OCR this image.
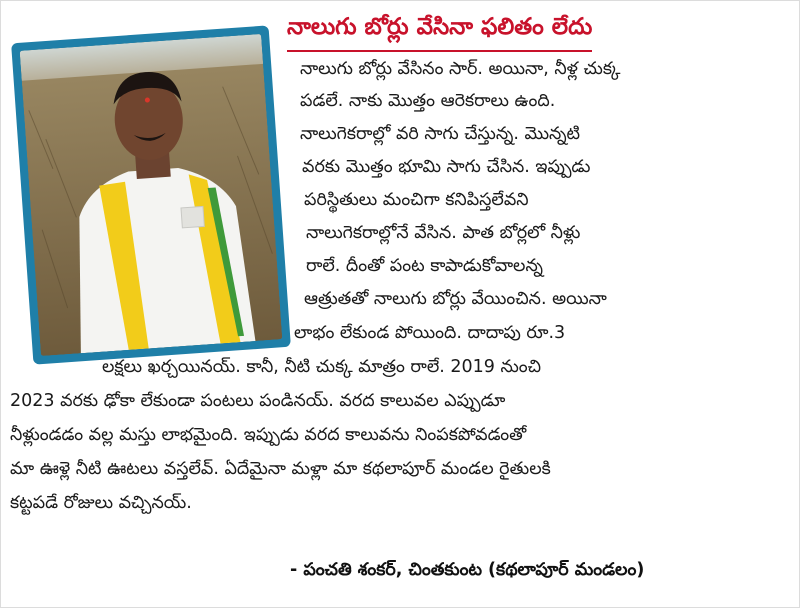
నాలుగు బోర్లు వేసినా ఫలితం లేదు
నాలుగు బోర్లు వేసినం సార్. అయినా, నీళ్ల చుక్క
పడలే. నాకు మొత్తం ఆరెకరాలు ఉంది.
నాలుగెకరాల్లో వరి సాగు చేస్తున్న. మొన్నటి
వరకు మొత్తం భూమి సాగు చేసిన. ఇప్పుడు
పరిస్థితులు మంచిగా కనిపిస్తలేవని
నాలుగెకరాల్లోనే వేసిన. పాత బోర్లలో నీళ్లు
రాలే. దీంతో పంట కాపాడుకోవాలన్న
ఆత్రుతతో నాలుగు బోర్లు వేయించిన. అయినా
లాభం లేకుండ పోయింది. దాదాపు రూ.3
లక్షలు ఖర్చయినయ్. కానీ, నీటి చుక్క మాత్రం రాలే. 2019 నుంచి
2023 వరకు ఢోకా లేకుండా పంటలు పండినయ్. వరద కాలువల ఎప్పుడూ
నీళ్లుండడం వల్ల మస్తు లాభమైంది. ఇప్పుడు వరద కాలువను నింపకపోవడంతో
మా ఊళ్లె నీటి ఊటలు వస్తలేవ్. ఏదేమైనా మళ్లా మా కథలాపూర్ మండల రైతులకి
కట్టపడే రోజులు వచ్చినయ్.
- పంచతి శంకర్, చింతకుంట (కథలాపూర్ మండలం)
